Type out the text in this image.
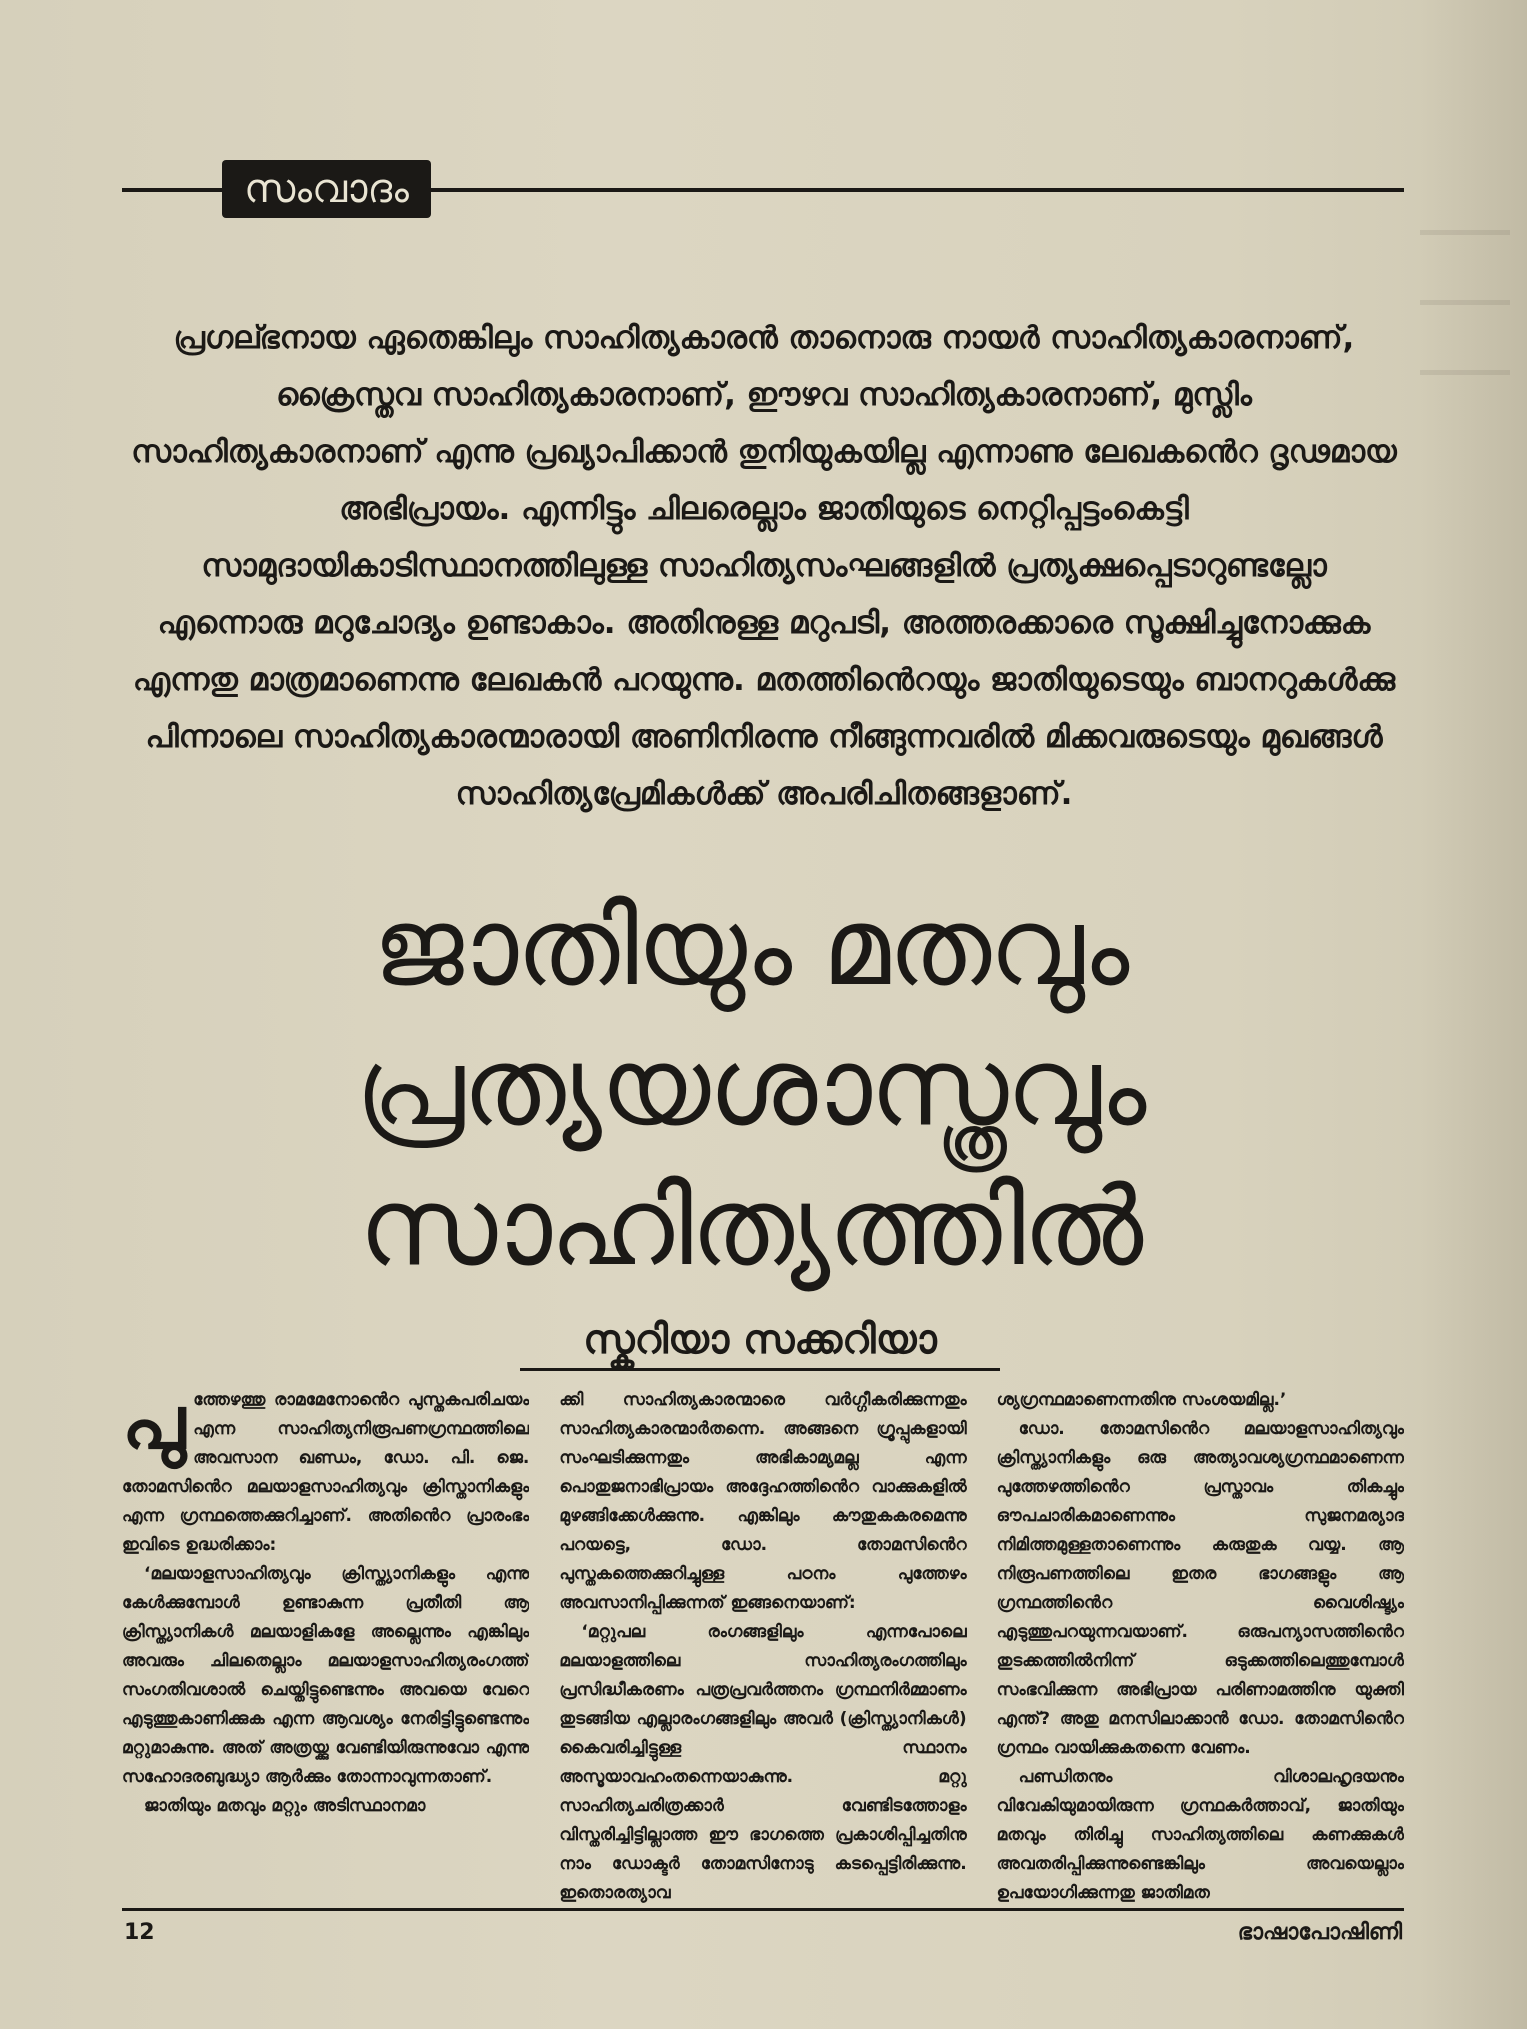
സംവാദം
പ്രഗല്ഭനായ ഏതെങ്കിലും സാഹിത്യകാരൻ താനൊരു നായർ സാഹിത്യകാരനാണ്, ക്രൈസ്തവ സാഹിത്യകാരനാണ്, ഈഴവ സാഹിത്യകാരനാണ്, മുസ്ലിം സാഹിത്യകാരനാണ് എന്നു പ്രഖ്യാപിക്കാൻ തുനിയുകയില്ല എന്നാണു ലേഖകൻെറ ദൃഢമായ അഭിപ്രായം. എന്നിട്ടും ചിലരെല്ലാം ജാതിയുടെ നെറ്റിപ്പട്ടംകെട്ടി സാമുദായികാടിസ്ഥാനത്തിലുള്ള സാഹിത്യസംഘങ്ങളിൽ പ്രത്യക്ഷപ്പെടാറുണ്ടല്ലോ എന്നൊരു മറുചോദ്യം ഉണ്ടാകാം. അതിനുള്ള മറുപടി, അത്തരക്കാരെ സൂക്ഷിച്ചുനോക്കുക എന്നതു മാത്രമാണെന്നു ലേഖകൻ പറയുന്നു. മതത്തിൻെറയും ജാതിയുടെയും ബാനറുകൾക്കു പിന്നാലെ സാഹിത്യകാരന്മാരായി അണിനിരന്നു നീങ്ങുന്നവരിൽ മിക്കവരുടെയും മുഖങ്ങൾ സാഹിത്യപ്രേമികൾക്ക് അപരിചിതങ്ങളാണ്.
ജാതിയും മതവും
പ്രത്യയശാസ്ത്രവും
സാഹിത്യത്തിൽ
സ്കറിയാ സക്കറിയാ

പുത്തേഴത്തു രാമമേനോൻെറ പുസ്തകപരിചയം എന്ന സാഹിത്യനിരൂപണഗ്രന്ഥത്തിലെ അവസാന ഖണ്ഡം, ഡോ. പി. ജെ. തോമസിൻെറ മലയാളസാഹിത്യവും ക്രിസ്താനികളും എന്ന ഗ്രന്ഥത്തെക്കുറിച്ചാണ്. അതിൻെറ പ്രാരംഭം ഇവിടെ ഉദ്ധരിക്കാം:

‘മലയാളസാഹിത്യവും ക്രിസ്ത്യാനികളും എന്നു കേൾക്കുമ്പോൾ ഉണ്ടാകുന്ന പ്രതീതി ആ ക്രിസ്ത്യാനികൾ മലയാളികളേ അല്ലെന്നും എങ്കിലും അവരും ചിലതെല്ലാം മലയാളസാഹിത്യരംഗത്ത് സംഗതിവശാൽ ചെയ്തിട്ടുണ്ടെന്നും അവയെ വേറെ എടുത്തുകാണിക്കുക എന്ന ആവശ്യം നേരിട്ടിട്ടുണ്ടെന്നും മറ്റുമാകുന്നു. അത് അത്രയ്ക്കു വേണ്ടിയിരുന്നുവോ എന്നു സഹോദരബുദ്ധ്യാ ആർക്കും തോന്നാവുന്നതാണ്.

ജാതിയും മതവും മറ്റും അടിസ്ഥാനമാ

ക്കി സാഹിത്യകാരന്മാരെ വർഗ്ഗീകരിക്കുന്നതും സാഹിത്യകാരന്മാർതന്നെ. അങ്ങനെ ഗ്രൂപ്പുകളായി സംഘടിക്കുന്നതും അഭികാമ്യമല്ല എന്ന പൊതുജനാഭിപ്രായം അദ്ദേഹത്തിൻെറ വാക്കുകളിൽ മുഴങ്ങിക്കേൾക്കുന്നു. എങ്കിലും കൗതുകകരമെന്നു പറയട്ടെ, ഡോ. തോമസിൻെറ പുസ്തകത്തെക്കുറിച്ചുള്ള പഠനം പുത്തേഴം അവസാനിപ്പിക്കുന്നത് ഇങ്ങനെയാണ്:

‘മറ്റുപല രംഗങ്ങളിലും എന്നപോലെ മലയാളത്തിലെ സാഹിത്യരംഗത്തിലും പ്രസിദ്ധീകരണം പത്രപ്രവർത്തനം ഗ്രന്ഥനിർമ്മാണം തുടങ്ങിയ എല്ലാരംഗങ്ങളിലും അവർ (ക്രിസ്ത്യാനികൾ) കൈവരിച്ചിട്ടുള്ള സ്ഥാനം അസൂയാവഹംതന്നെയാകുന്നു. മറ്റു സാഹിത്യചരിത്രക്കാർ വേണ്ടിടത്തോളം വിസ്തരിച്ചിട്ടില്ലാത്ത ഈ ഭാഗത്തെ പ്രകാശിപ്പിച്ചതിനു നാം ഡോക്ടർ തോമസിനോടു കടപ്പെട്ടിരിക്കുന്നു. ഇതൊരത്യാവ

ശ്യഗ്രന്ഥമാണെന്നതിനു സംശയമില്ല.’

ഡോ. തോമസിൻെറ മലയാളസാഹിത്യവും ക്രിസ്ത്യാനികളും ഒരു അത്യാവശ്യഗ്രന്ഥമാണെന്ന പുത്തേഴത്തിൻെറ പ്രസ്താവം തികച്ചും ഔപചാരികമാണെന്നും സുജനമര്യാദ നിമിത്തമുള്ളതാണെന്നും കരുതുക വയ്യ. ആ നിരൂപണത്തിലെ ഇതര ഭാഗങ്ങളും ആ ഗ്രന്ഥത്തിൻെറ വൈശിഷ്ട്യം എടുത്തുപറയുന്നവയാണ്. ഒരുപന്യാസത്തിൻെറ തുടക്കത്തിൽനിന്ന് ഒടുക്കത്തിലെത്തുമ്പോൾ സംഭവിക്കുന്ന അഭിപ്രായ പരിണാമത്തിനു യുക്തി എന്ത്? അതു മനസിലാക്കാൻ ഡോ. തോമസിൻെറ ഗ്രന്ഥം വായിക്കുകതന്നെ വേണം.

പണ്ഡിതനും വിശാലഹൃദയനും വിവേകിയുമായിരുന്ന ഗ്രന്ഥകർത്താവ്, ജാതിയും മതവും തിരിച്ചു സാഹിത്യത്തിലെ കണക്കുകൾ അവതരിപ്പിക്കുന്നുണ്ടെങ്കിലും അവയെല്ലാം ഉപയോഗിക്കുന്നതു ജാതിമത

12	ഭാഷാപോഷിണി
